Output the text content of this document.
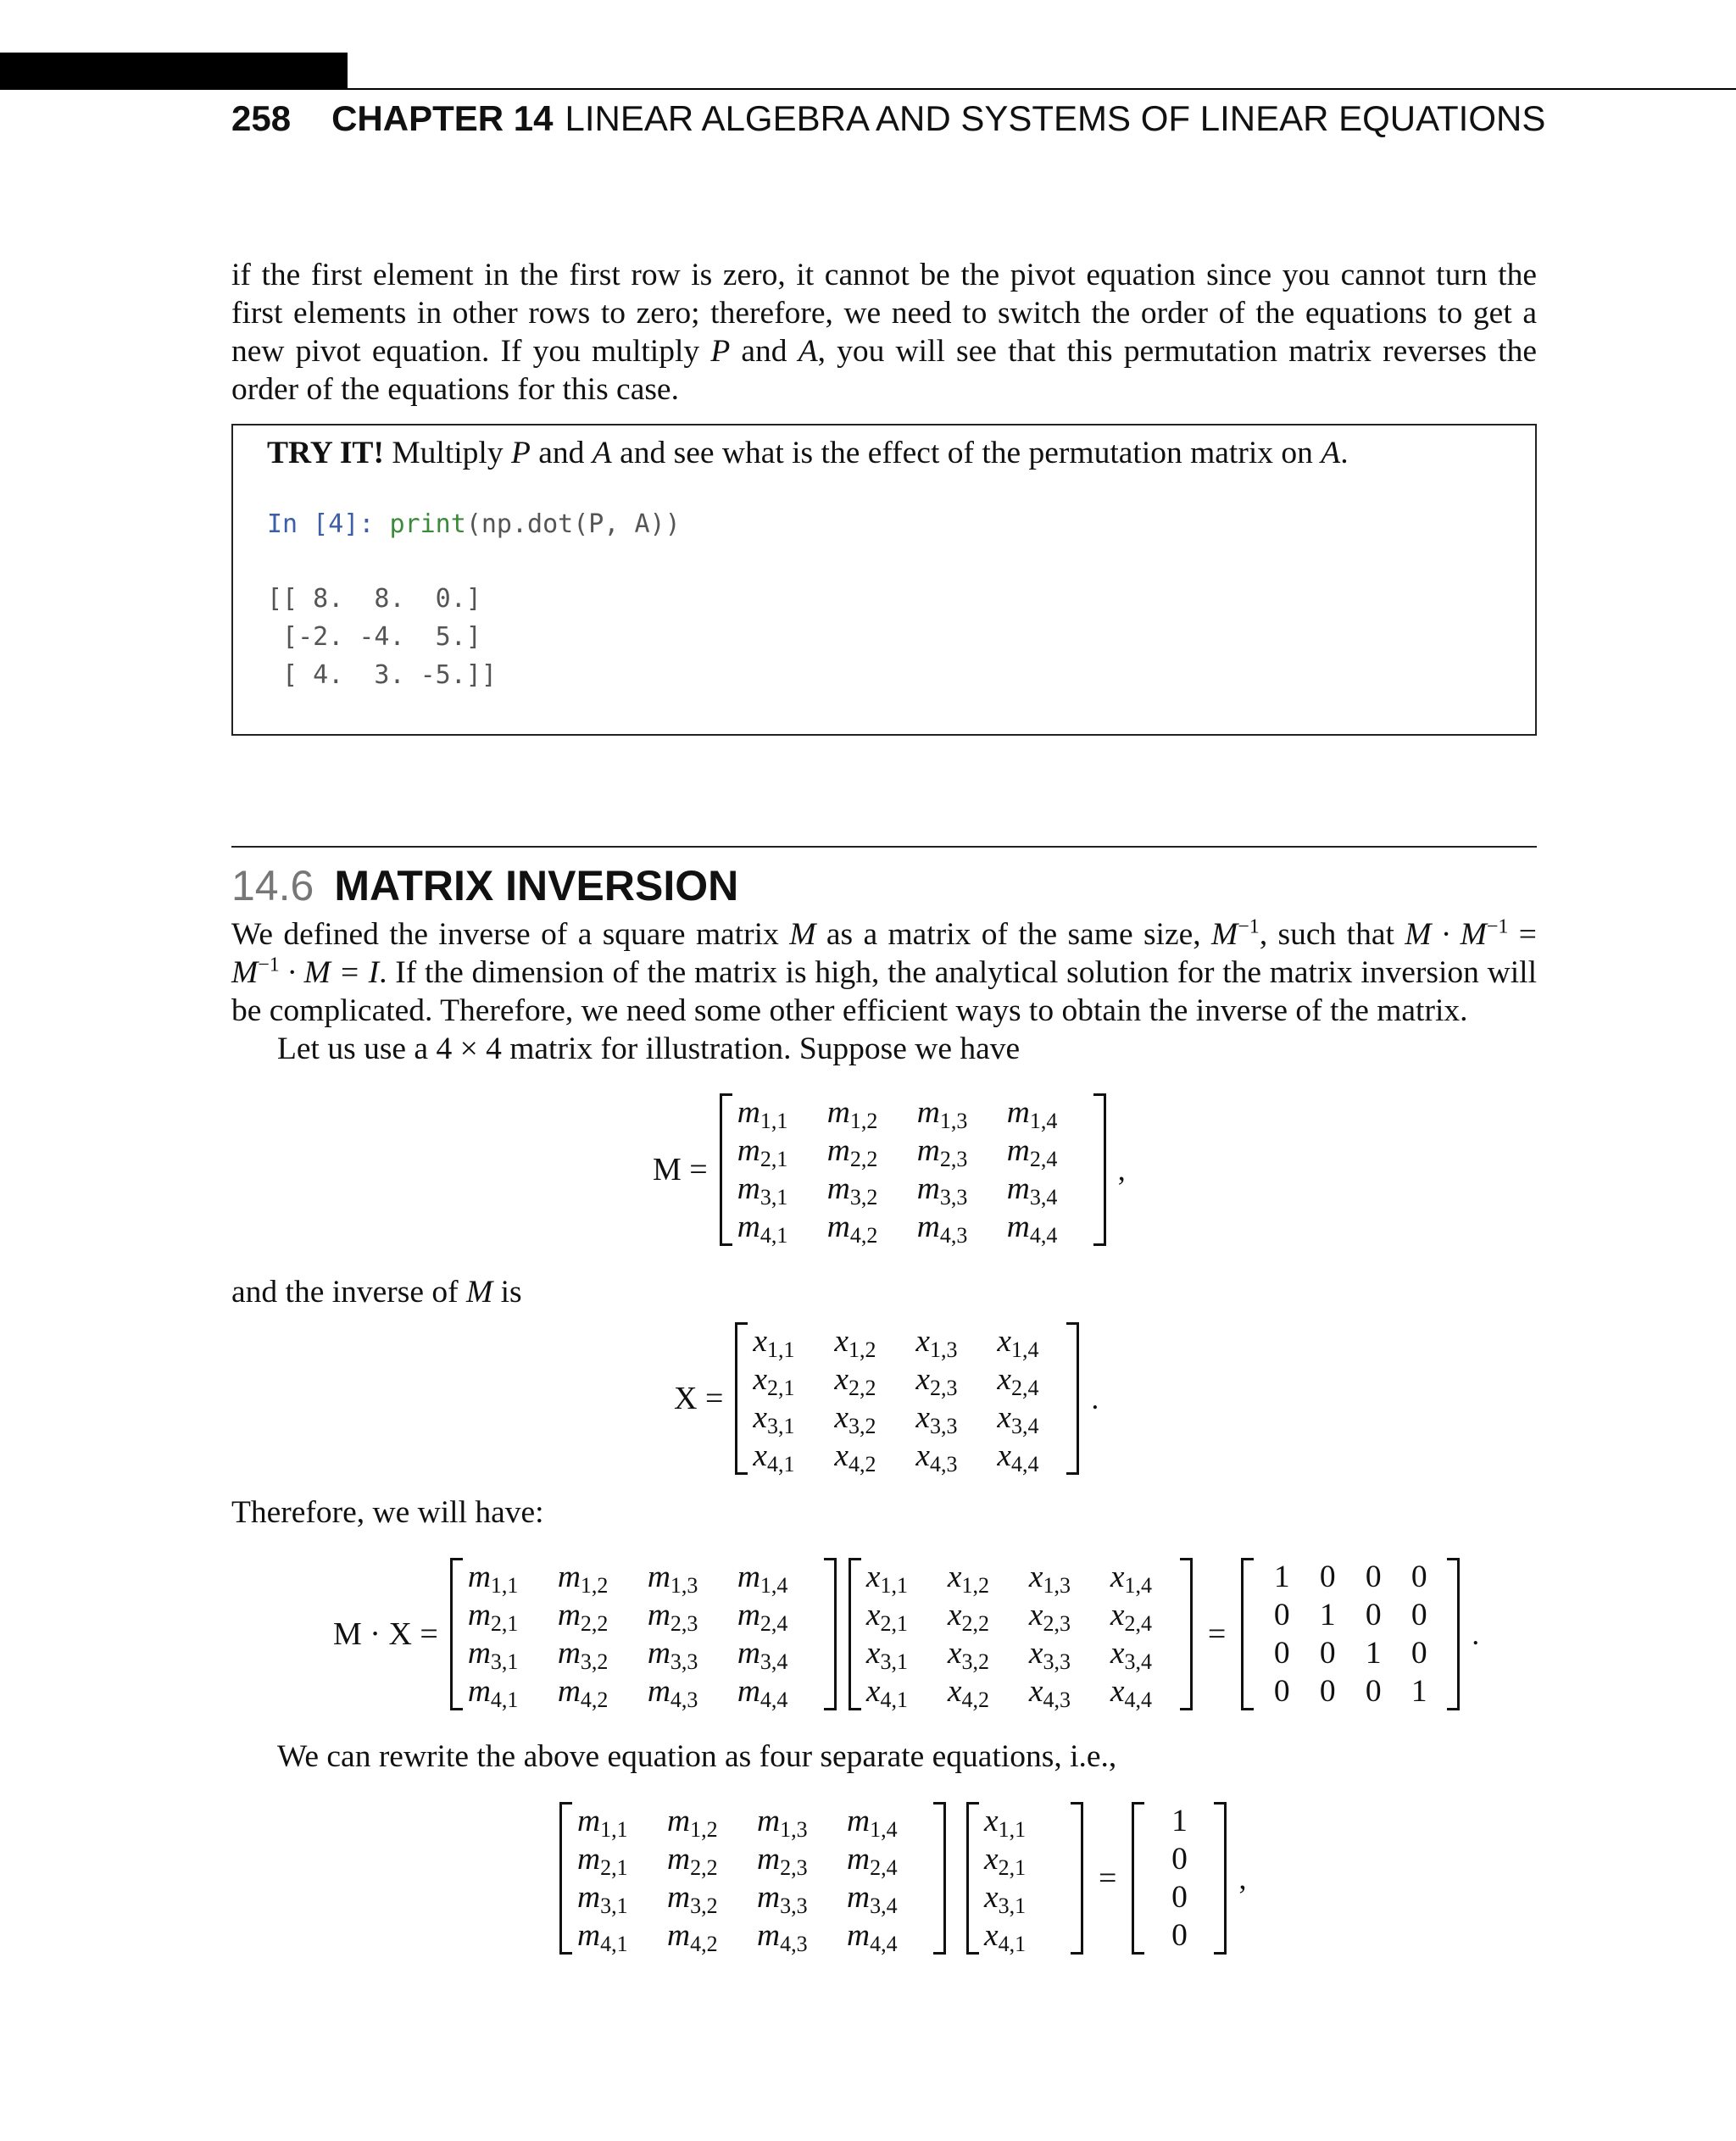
258 CHAPTER 14 LINEAR ALGEBRA AND SYSTEMS OF LINEAR EQUATIONS
if the first element in the first row is zero, it cannot be the pivot equation since you cannot turn the first elements in other rows to zero; therefore, we need to switch the order of the equations to get a new pivot equation. If you multiply P and A, you will see that this permutation matrix reverses the order of the equations for this case.
TRY IT! Multiply P and A and see what is the effect of the permutation matrix on A.
In [4]: print(np.dot(P, A))
[[ 8.  8.  0.]
[-2. -4.  5.]
[ 4.  3. -5.]]
14.6 MATRIX INVERSION
We defined the inverse of a square matrix M as a matrix of the same size, $M^{-1}$, such that $M \cdot M^{-1} = M^{-1} \cdot M = I$. If the dimension of the matrix is high, the analytical solution for the matrix inversion will be complicated. Therefore, we need some other efficient ways to obtain the inverse of the matrix.
Let us use a 4 × 4 matrix for illustration. Suppose we have
M =
$m_{1,1}$	$m_{1,2}$	$m_{1,3}$	$m_{1,4}$
$m_{2,1}$	$m_{2,2}$	$m_{2,3}$	$m_{2,4}$
$m_{3,1}$	$m_{3,2}$	$m_{3,3}$	$m_{3,4}$
$m_{4,1}$	$m_{4,2}$	$m_{4,3}$	$m_{4,4}$
,
and the inverse of M is
X =
$x_{1,1}$	$x_{1,2}$	$x_{1,3}$	$x_{1,4}$
$x_{2,1}$	$x_{2,2}$	$x_{2,3}$	$x_{2,4}$
$x_{3,1}$	$x_{3,2}$	$x_{3,3}$	$x_{3,4}$
$x_{4,1}$	$x_{4,2}$	$x_{4,3}$	$x_{4,4}$
.
Therefore, we will have:
M · X =
$m_{1,1}$	$m_{1,2}$	$m_{1,3}$	$m_{1,4}$
$m_{2,1}$	$m_{2,2}$	$m_{2,3}$	$m_{2,4}$
$m_{3,1}$	$m_{3,2}$	$m_{3,3}$	$m_{3,4}$
$m_{4,1}$	$m_{4,2}$	$m_{4,3}$	$m_{4,4}$
$x_{1,1}$	$x_{1,2}$	$x_{1,3}$	$x_{1,4}$
$x_{2,1}$	$x_{2,2}$	$x_{2,3}$	$x_{2,4}$
$x_{3,1}$	$x_{3,2}$	$x_{3,3}$	$x_{3,4}$
$x_{4,1}$	$x_{4,2}$	$x_{4,3}$	$x_{4,4}$
=
1 0 0 0
0 1 0 0
0 0 1 0
0 0 0 1
.
We can rewrite the above equation as four separate equations, i.e.,
$m_{1,1}$	$m_{1,2}$	$m_{1,3}$	$m_{1,4}$
$m_{2,1}$	$m_{2,2}$	$m_{2,3}$	$m_{2,4}$
$m_{3,1}$	$m_{3,2}$	$m_{3,3}$	$m_{3,4}$
$m_{4,1}$	$m_{4,2}$	$m_{4,3}$	$m_{4,4}$
$x_{1,1}$
$x_{2,1}$
$x_{3,1}$
$x_{4,1}$
=
1
0
0
0
,
